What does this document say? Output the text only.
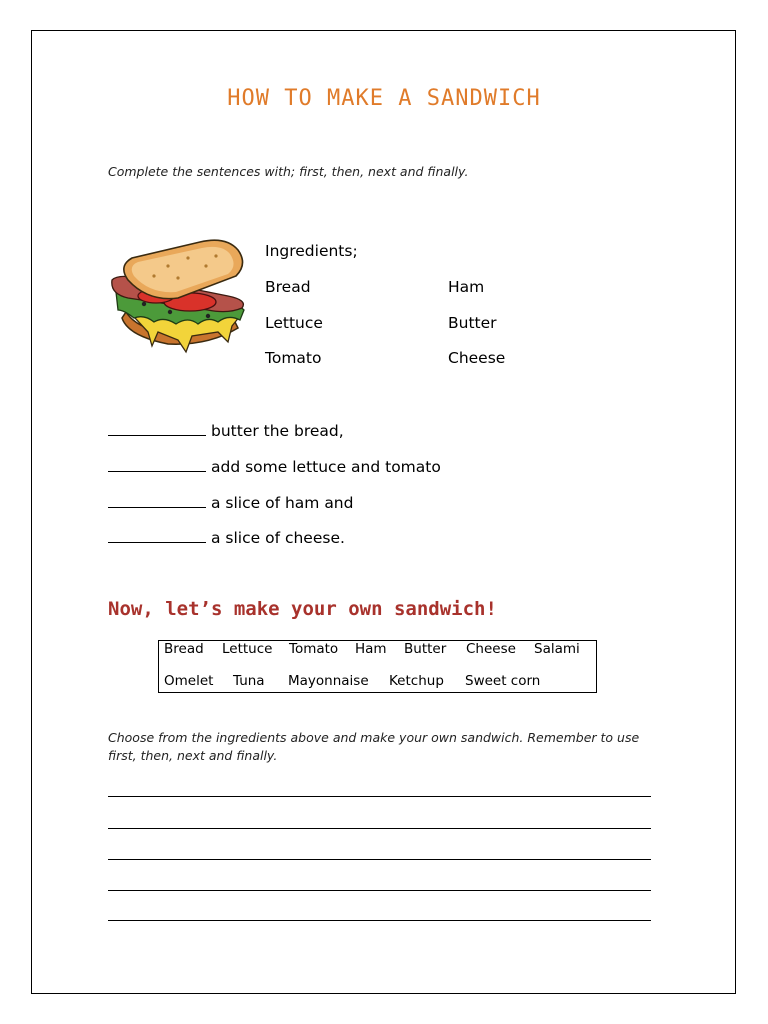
HOW TO MAKE A SANDWICH
Complete the sentences with; first, then, next and finally.
Ingredients;
Bread
Lettuce
Tomato
Ham
Butter
Cheese
butter the bread,
add some lettuce and tomato
a slice of ham and
a slice of cheese.
Now, let’s make your own sandwich!
Bread Lettuce Tomato Ham Butter Cheese Salami
Omelet Tuna Mayonnaise Ketchup Sweet corn
Choose from the ingredients above and make your own sandwich. Remember to use
first, then, next and finally.
